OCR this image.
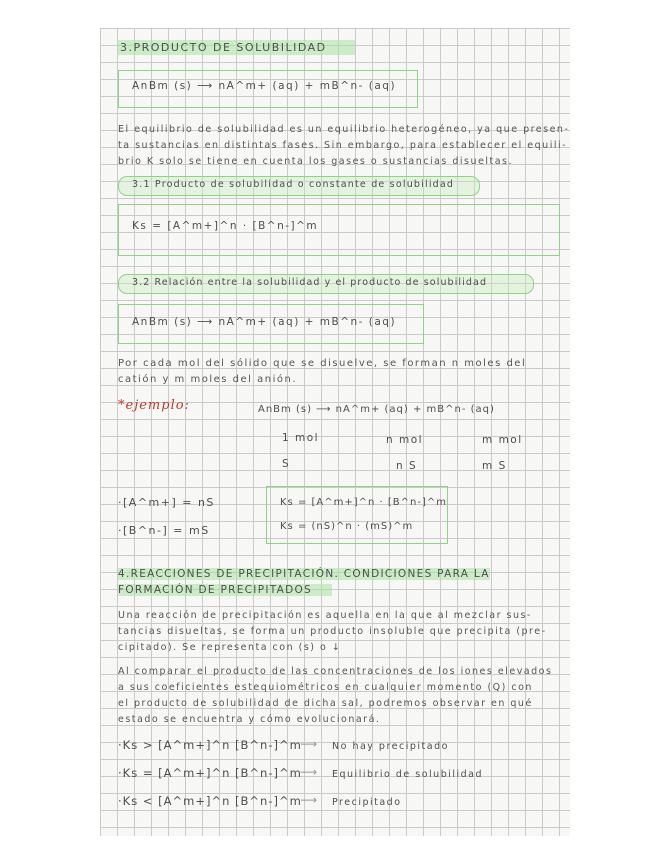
3.PRODUCTO DE SOLUBILIDAD
AnBm (s) ⟶ nA^m+ (aq) + mB^n- (aq)
El equilibrio de solubilidad es un equilibrio heterogéneo, ya que presen-
ta sustancias en distintas fases. Sin embargo, para establecer el equili-
brio K solo se tiene en cuenta los gases o sustancias disueltas.
3.1 Producto de solubilidad o constante de solubilidad
Ks = [A^m+]^n · [B^n-]^m
3.2 Relación entre la solubilidad y el producto de solubilidad
AnBm (s) ⟶ nA^m+ (aq) + mB^n- (aq)
Por cada mol del sólido que se disuelve, se forman n moles del
catión y m moles del anión.
*ejemplo:	AnBm (s) ⟶ nA^m+ (aq) + mB^n- (aq)
1 mol	n mol	m mol
S	n S	m S
·[A^m+] = nS
·[B^n-] = mS
Ks = [A^m+]^n · [B^n-]^m
Ks = (nS)^n · (mS)^m
4.REACCIONES DE PRECIPITACIÓN. CONDICIONES PARA LA
FORMACIÓN DE PRECIPITADOS
Una reacción de precipitación es aquella en la que al mezclar sus-
tancias disueltas, se forma un producto insoluble que precipita (pre-
cipitado). Se representa con (s) o ↓
Al comparar el producto de las concentraciones de los iones elevados
a sus coeficientes estequiométricos en cualquier momento (Q) con
el producto de solubilidad de dicha sal, podremos observar en qué
estado se encuentra y cómo evolucionará.
·Ks > [A^m+]^n [B^n-]^m
⟶ No hay precipitado
·Ks = [A^m+]^n [B^n-]^m
⟶ Equilibrio de solubilidad
·Ks < [A^m+]^n [B^n-]^m
⟶ Precipitado
